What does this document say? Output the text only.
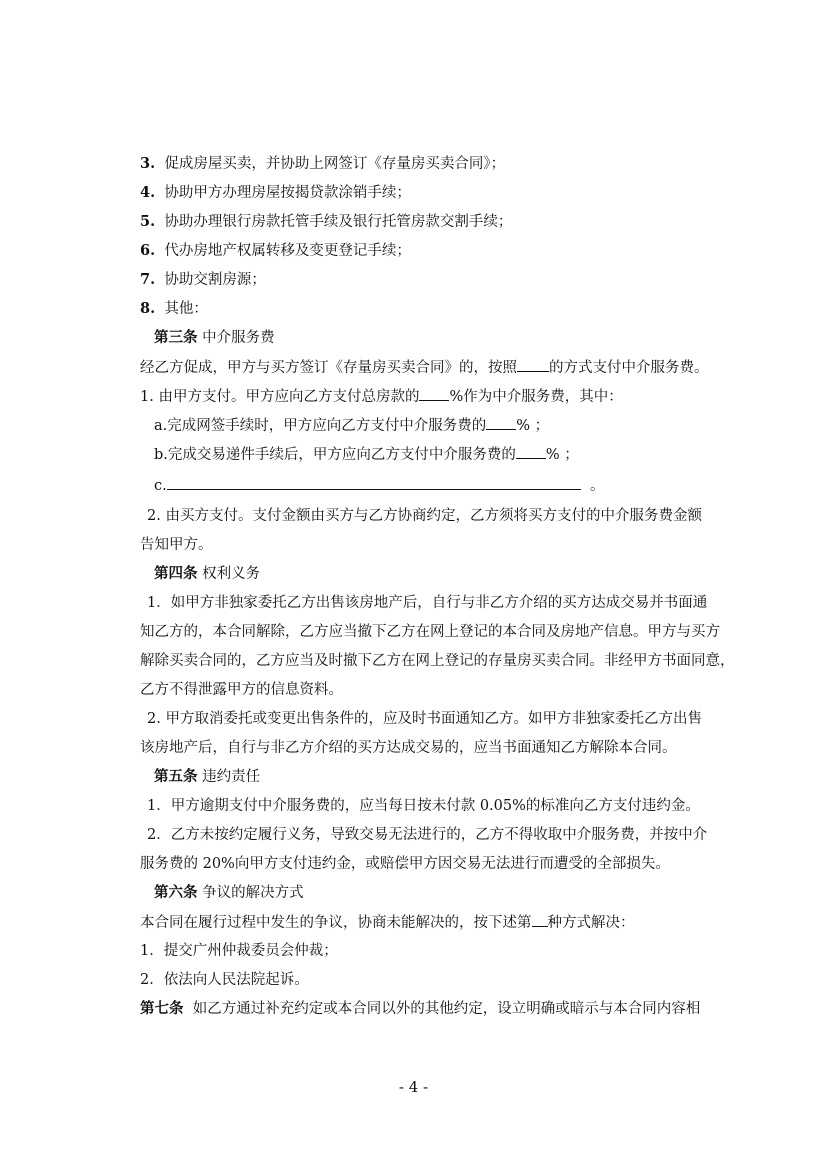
3. 促成房屋买卖，并协助上网签订《存量房买卖合同》；
4. 协助甲方办理房屋按揭贷款涂销手续；
5. 协助办理银行房款托管手续及银行托管房款交割手续；
6. 代办房地产权属转移及变更登记手续；
7. 协助交割房源；
8. 其他：
第三条 中介服务费
经乙方促成，甲方与买方签订《存量房买卖合同》的，按照 的方式支付中介服务费。
1. 由甲方支付。甲方应向乙方支付总房款的 %作为中介服务费，其中：
a.完成网签手续时，甲方应向乙方支付中介服务费的 % ；
b.完成交易递件手续后，甲方应向乙方支付中介服务费的 % ；
c.	。
2. 由买方支付。支付金额由买方与乙方协商约定，乙方须将买方支付的中介服务费金额
告知甲方。
第四条 权利义务
1．如甲方非独家委托乙方出售该房地产后，自行与非乙方介绍的买方达成交易并书面通
知乙方的，本合同解除，乙方应当撤下乙方在网上登记的本合同及房地产信息。甲方与买方
解除买卖合同的，乙方应当及时撤下乙方在网上登记的存量房买卖合同。非经甲方书面同意，
乙方不得泄露甲方的信息资料。
2. 甲方取消委托或变更出售条件的，应及时书面通知乙方。如甲方非独家委托乙方出售
该房地产后，自行与非乙方介绍的买方达成交易的，应当书面通知乙方解除本合同。
第五条 违约责任
1．甲方逾期支付中介服务费的，应当每日按未付款 0.05%的标准向乙方支付违约金。
2．乙方未按约定履行义务，导致交易无法进行的，乙方不得收取中介服务费，并按中介
服务费的 20%向甲方支付违约金，或赔偿甲方因交易无法进行而遭受的全部损失。
第六条 争议的解决方式
本合同在履行过程中发生的争议，协商未能解决的，按下述第 种方式解决：
1．提交广州仲裁委员会仲裁；
2．依法向人民法院起诉。
第七条 如乙方通过补充约定或本合同以外的其他约定，设立明确或暗示与本合同内容相
- 4 -
